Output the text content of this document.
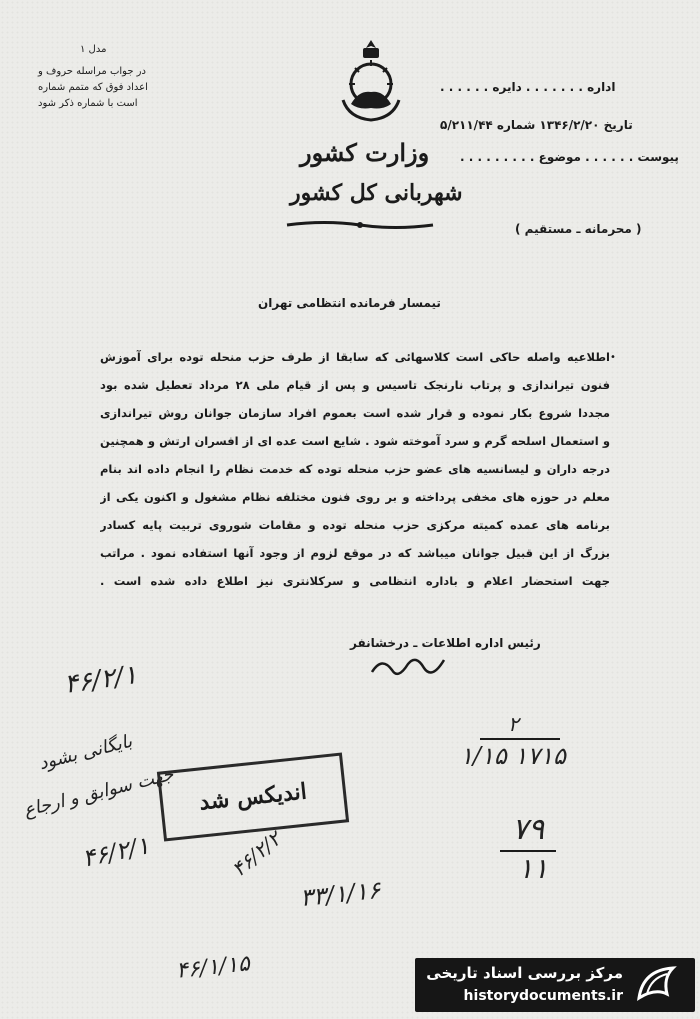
مدل ۱
در جواب مراسله حروف و
اعداد فوق که متمم شماره
است با شماره ذکر شود
وزارت کشور
شهربانی کل کشور
اداره . . . . . . . دایره . . . . . .
تاریخ ۱۳۴۶/۲/۲۰ شماره ۵/۲۱۱/۴۴
پیوست . . . . . . موضوع . . . . . . . . .
( محرمانه ـ مستقیم )
تیمسار فرمانده انتظامی تهران
اطلاعیه واصله حاکی است کلاسهائی که سابقا از طرف حزب منحله توده برای آموزش
فنون تیراندازی و پرتاب نارنجک تاسیس و پس از قیام ملی ۲۸ مرداد تعطیل شده بود
مجددا شروع بکار نموده و قرار شده است بعموم افراد سازمان جوانان روش تیراندازی
و استعمال اسلحه گرم و سرد آموخته شود . شایع است عده ای از افسران ارتش و همچنین
درجه داران و لیسانسیه های عضو حزب منحله توده که خدمت نظام را انجام داده اند بنام
معلم در حوزه های مخفی پرداخته و بر روی فنون مختلفه نظام مشغول و اکنون یکی از
برنامه های عمده کمیته مرکزی حزب منحله توده و مقامات شوروی تربیت پایه کسادر
بزرگ از این قبیل جوانان میباشد که در موقع لزوم از وجود آنها استفاده نمود . مراتب
جهت استحضار اعلام و باداره انتظامی و سرکلانتری نیز اطلاع داده شده است .
•
رئیس اداره اطلاعات ـ درخشانفر
۴۶/۲/۱
بایگانی بشود
جهت سوابق و ارجاع
۴۶/۲/۱
۲
۱/۱۵ ۱۷۱۵
اندیکس شد
۴۶/۲/۲	۷۹
۱۱
۳۳/۱/۱۶
۴۶/۱/۱۵	مرکز بررسی اسناد تاریخی
historydocuments.ir
